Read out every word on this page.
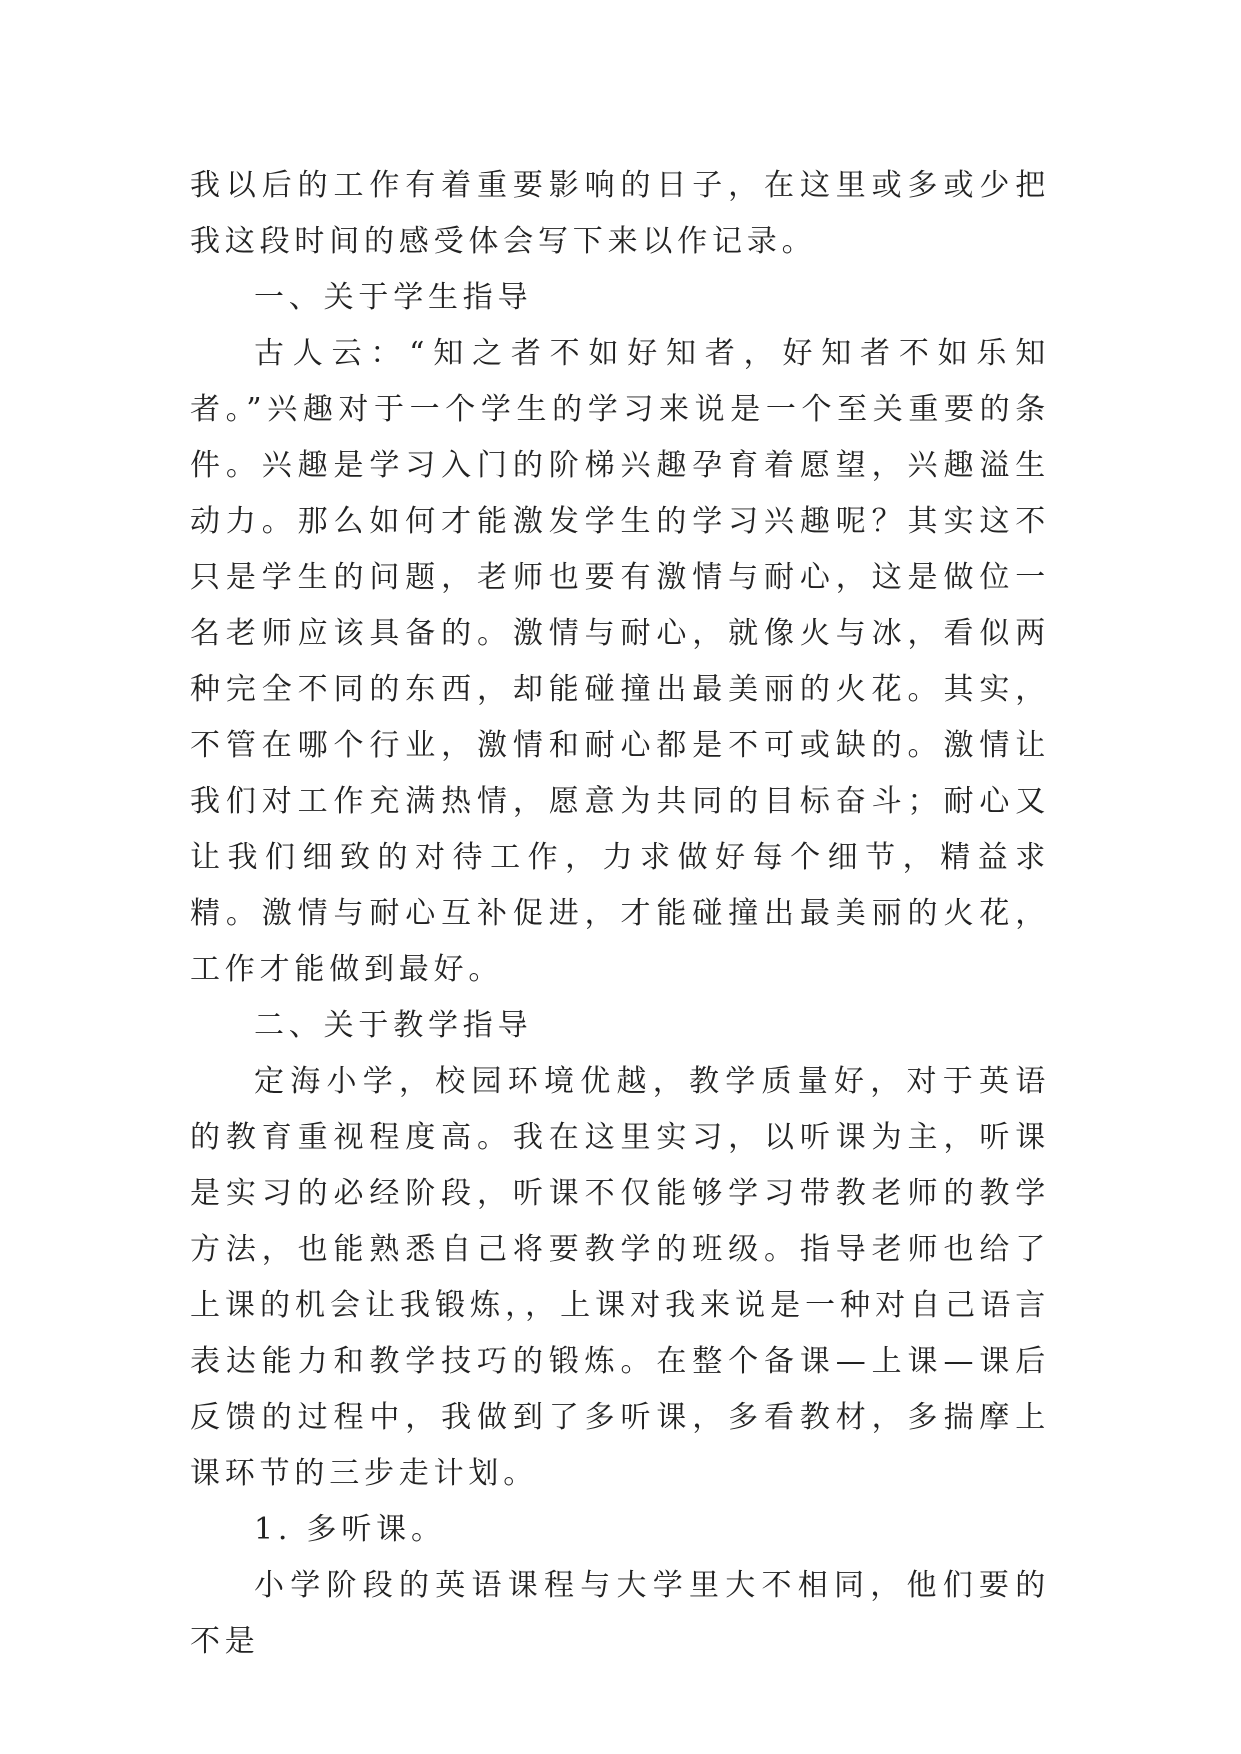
我以后的工作有着重要影响的日子，在这里或多或少把我这段时间的感受体会写下来以作记录。

一、关于学生指导

古人云：“知之者不如好知者，好知者不如乐知者。”兴趣对于一个学生的学习来说是一个至关重要的条件。兴趣是学习入门的阶梯兴趣孕育着愿望，兴趣溢生动力。那么如何才能激发学生的学习兴趣呢？其实这不只是学生的问题，老师也要有激情与耐心，这是做位一名老师应该具备的。激情与耐心，就像火与冰，看似两种完全不同的东西，却能碰撞出最美丽的火花。其实，不管在哪个行业，激情和耐心都是不可或缺的。激情让我们对工作充满热情，愿意为共同的目标奋斗；耐心又让我们细致的对待工作，力求做好每个细节，精益求精。激情与耐心互补促进，才能碰撞出最美丽的火花，工作才能做到最好。

二、关于教学指导

定海小学，校园环境优越，教学质量好，对于英语的教育重视程度高。我在这里实习，以听课为主，听课是实习的必经阶段，听课不仅能够学习带教老师的教学方法，也能熟悉自己将要教学的班级。指导老师也给了上课的机会让我锻炼，，上课对我来说是一种对自己语言表达能力和教学技巧的锻炼。在整个备课—上课—课后反馈的过程中，我做到了多听课，多看教材，多揣摩上课环节的三步走计划。

1. 多听课。

小学阶段的英语课程与大学里大不相同，他们要的不是
